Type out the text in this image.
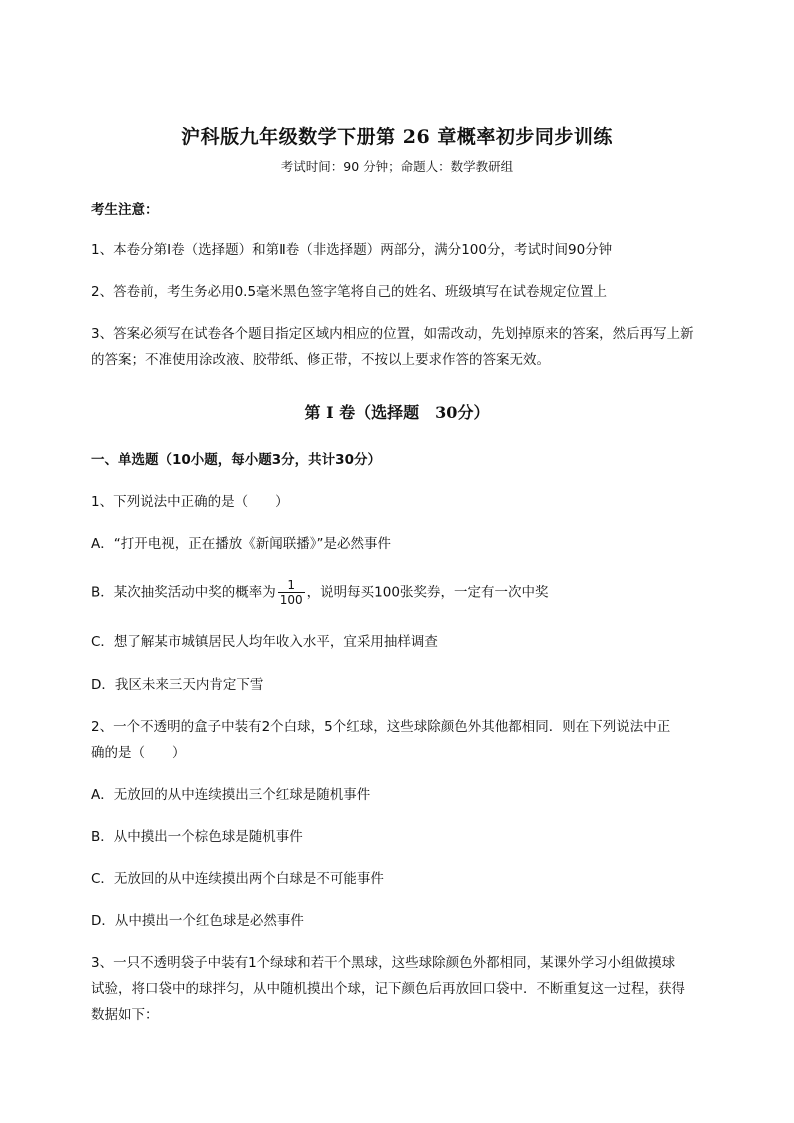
沪科版九年级数学下册第 26 章概率初步同步训练
考试时间：90 分钟；命题人：数学教研组
考生注意：
1、本卷分第I卷（选择题）和第Ⅱ卷（非选择题）两部分，满分100分，考试时间90分钟
2、答卷前，考生务必用0.5毫米黑色签字笔将自己的姓名、班级填写在试卷规定位置上
3、答案必须写在试卷各个题目指定区域内相应的位置，如需改动，先划掉原来的答案，然后再写上新
的答案；不准使用涂改液、胶带纸、修正带，不按以上要求作答的答案无效。
第 I 卷（选择题　30分）
一、单选题（10小题，每小题3分，共计30分）
1、下列说法中正确的是（　　）
A．“打开电视，正在播放《新闻联播》”是必然事件
B．某次抽奖活动中奖的概率为 $\frac{1}{100}$ ，说明每买100张奖券，一定有一次中奖
C．想了解某市城镇居民人均年收入水平，宜采用抽样调查
D．我区未来三天内肯定下雪
2、一个不透明的盒子中装有2个白球，5个红球，这些球除颜色外其他都相同．则在下列说法中正
确的是（　　）
A．无放回的从中连续摸出三个红球是随机事件
B．从中摸出一个棕色球是随机事件
C．无放回的从中连续摸出两个白球是不可能事件
D．从中摸出一个红色球是必然事件
3、一只不透明袋子中装有1个绿球和若干个黑球，这些球除颜色外都相同，某课外学习小组做摸球
试验，将口袋中的球拌匀，从中随机摸出个球，记下颜色后再放回口袋中．不断重复这一过程，获得
数据如下：
